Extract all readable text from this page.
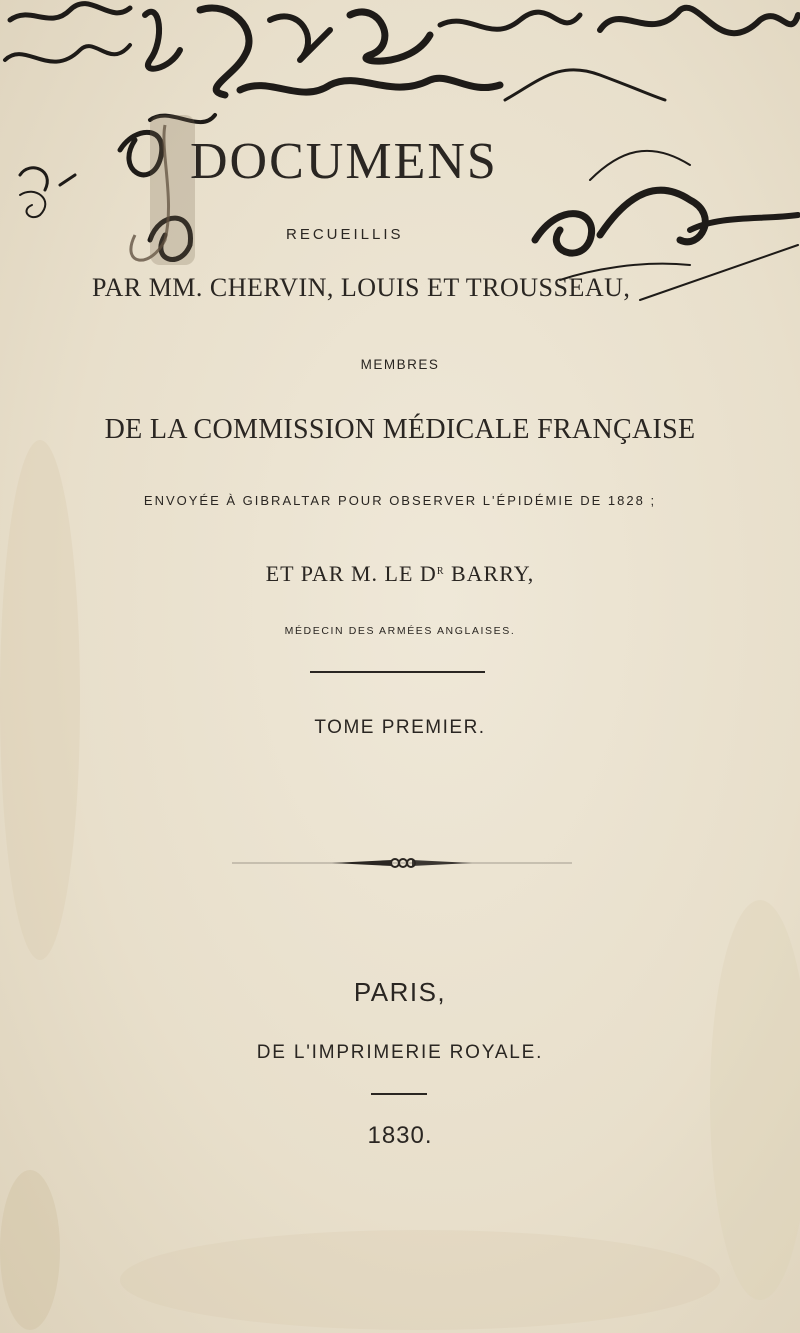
DOCUMENS
RECUEILLIS
PAR MM. CHERVIN, LOUIS ET TROUSSEAU,
MEMBRES
DE LA COMMISSION MÉDICALE FRANÇAISE
ENVOYÉE À GIBRALTAR POUR OBSERVER L'ÉPIDÉMIE DE 1828 ;
ET PAR M. LE $D^R$ BARRY,
MÉDECIN DES ARMÉES ANGLAISES.
TOME PREMIER.
PARIS,
DE L'IMPRIMERIE ROYALE.
1830.
